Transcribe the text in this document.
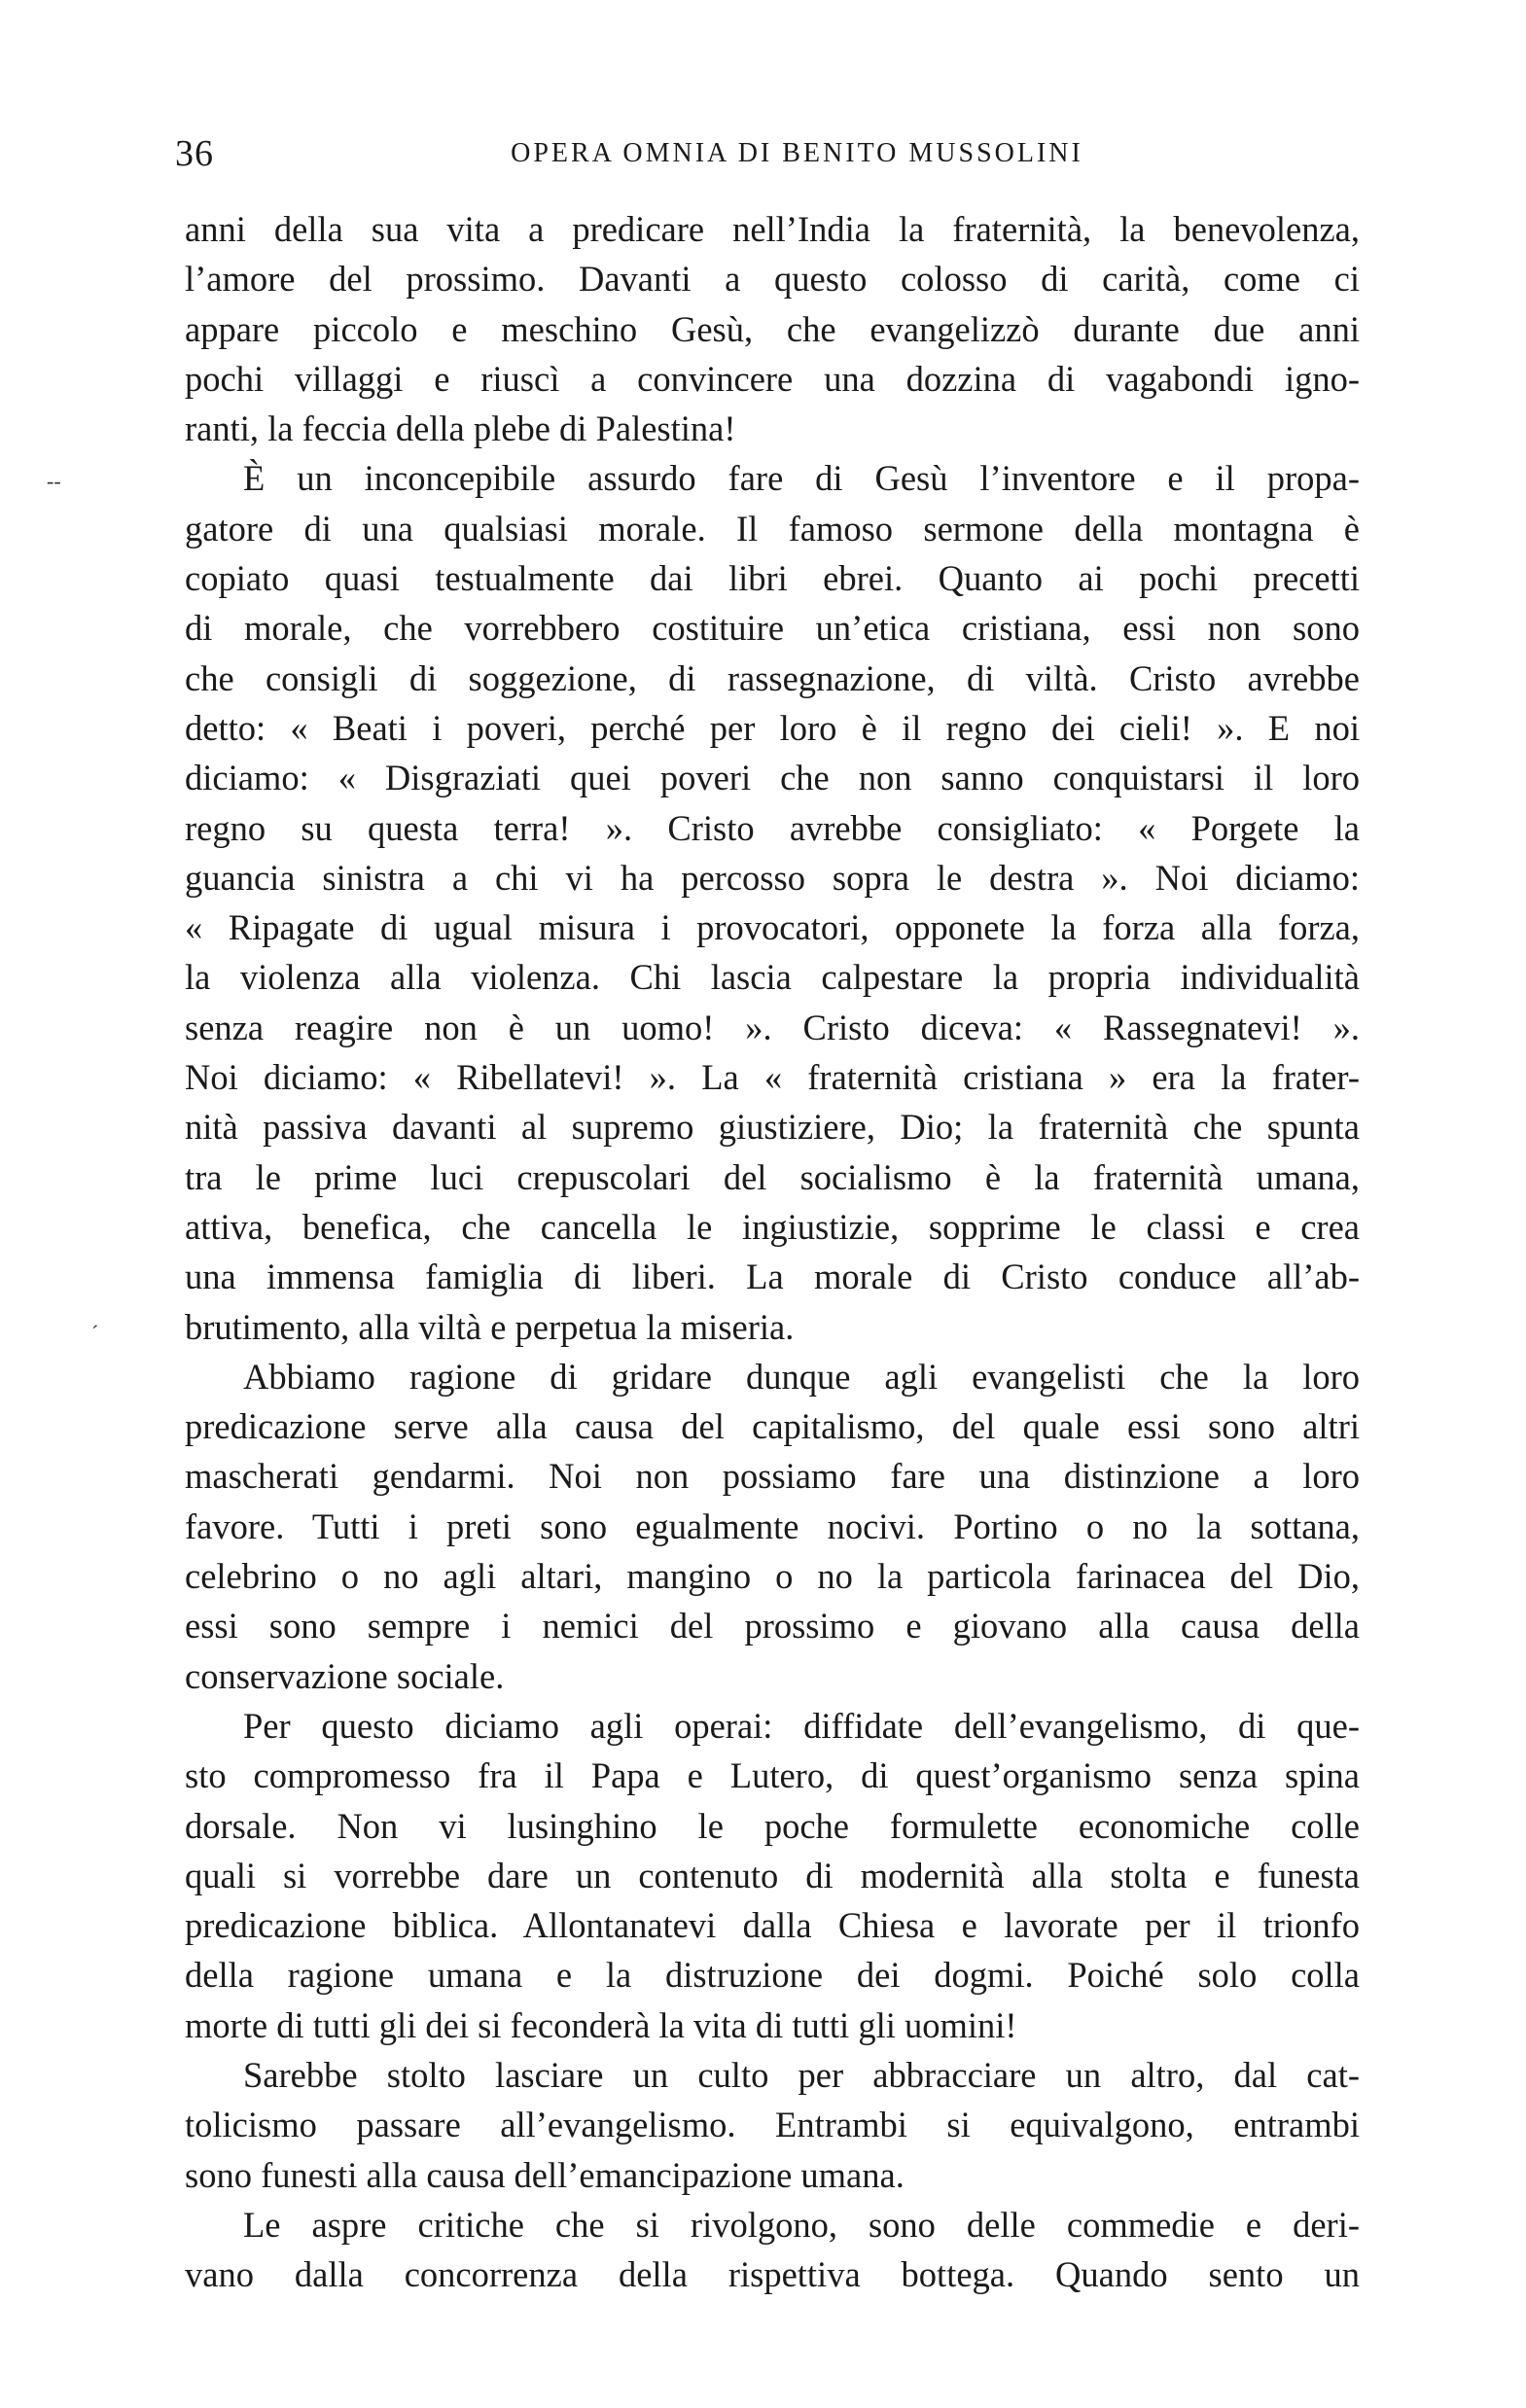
36	OPERA OMNIA DI BENITO MUSSOLINI
--
´
anni della sua vita a predicare nell’India la fraternità, la benevolenza,
l’amore del prossimo. Davanti a questo colosso di carità, come ci
appare piccolo e meschino Gesù, che evangelizzò durante due anni
pochi villaggi e riuscì a convincere una dozzina di vagabondi igno-
ranti, la feccia della plebe di Palestina!
È un inconcepibile assurdo fare di Gesù l’inventore e il propa-
gatore di una qualsiasi morale. Il famoso sermone della montagna è
copiato quasi testualmente dai libri ebrei. Quanto ai pochi precetti
di morale, che vorrebbero costituire un’etica cristiana, essi non sono
che consigli di soggezione, di rassegnazione, di viltà. Cristo avrebbe
detto: « Beati i poveri, perché per loro è il regno dei cieli! ». E noi
diciamo: « Disgraziati quei poveri che non sanno conquistarsi il loro
regno su questa terra! ». Cristo avrebbe consigliato: « Porgete la
guancia sinistra a chi vi ha percosso sopra le destra ». Noi diciamo:
« Ripagate di ugual misura i provocatori, opponete la forza alla forza,
la violenza alla violenza. Chi lascia calpestare la propria individualità
senza reagire non è un uomo! ». Cristo diceva: « Rassegnatevi! ».
Noi diciamo: « Ribellatevi! ». La « fraternità cristiana » era la frater-
nità passiva davanti al supremo giustiziere, Dio; la fraternità che spunta
tra le prime luci crepuscolari del socialismo è la fraternità umana,
attiva, benefica, che cancella le ingiustizie, sopprime le classi e crea
una immensa famiglia di liberi. La morale di Cristo conduce all’ab-
brutimento, alla viltà e perpetua la miseria.
Abbiamo ragione di gridare dunque agli evangelisti che la loro
predicazione serve alla causa del capitalismo, del quale essi sono altri
mascherati gendarmi. Noi non possiamo fare una distinzione a loro
favore. Tutti i preti sono egualmente nocivi. Portino o no la sottana,
celebrino o no agli altari, mangino o no la particola farinacea del Dio,
essi sono sempre i nemici del prossimo e giovano alla causa della
conservazione sociale.
Per questo diciamo agli operai: diffidate dell’evangelismo, di que-
sto compromesso fra il Papa e Lutero, di quest’organismo senza spina
dorsale. Non vi lusinghino le poche formulette economiche colle
quali si vorrebbe dare un contenuto di modernità alla stolta e funesta
predicazione biblica. Allontanatevi dalla Chiesa e lavorate per il trionfo
della ragione umana e la distruzione dei dogmi. Poiché solo colla
morte di tutti gli dei si feconderà la vita di tutti gli uomini!
Sarebbe stolto lasciare un culto per abbracciare un altro, dal cat-
tolicismo passare all’evangelismo. Entrambi si equivalgono, entrambi
sono funesti alla causa dell’emancipazione umana.
Le aspre critiche che si rivolgono, sono delle commedie e deri-
vano dalla concorrenza della rispettiva bottega. Quando sento un
